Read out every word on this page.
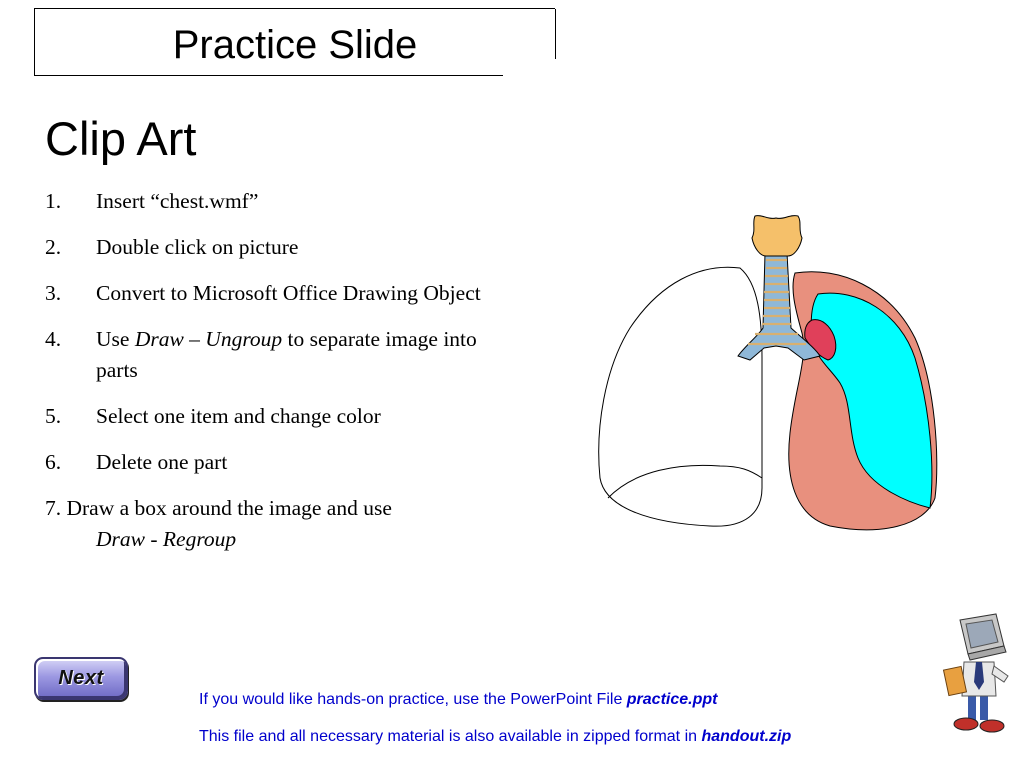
Practice Slide
Clip Art
1. Insert “chest.wmf”
2. Double click on picture
3. Convert to Microsoft Office Drawing Object
4. Use Draw – Ungroup to separate image into parts
5. Select one item and change color
6. Delete one part
7. Draw a box around the image and use
Draw - Regroup
Next
If you would like hands-on practice, use the PowerPoint File practice.ppt
This file and all necessary material is also available in zipped format in handout.zip
